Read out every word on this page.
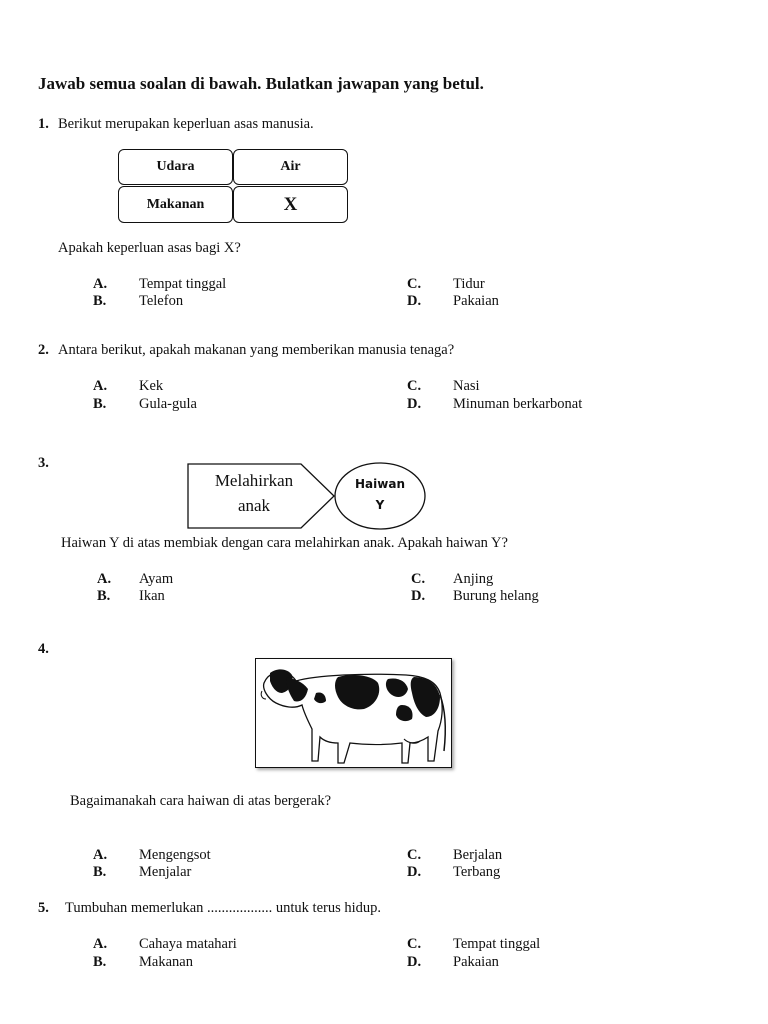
Jawab semua soalan di bawah. Bulatkan jawapan yang betul.
1. Berikut merupakan keperluan asas manusia.
Udara	Air
Makanan	X
Apakah keperluan asas bagi X?
A. Tempat tinggal
B. Telefon
C. Tidur
D. Pakaian
2. Antara berikut, apakah makanan yang memberikan manusia tenaga?
A. Kek
B. Gula-gula
C. Nasi
D. Minuman berkarbonat
3.
Melahirkan
anak
Haiwan
Y
Haiwan Y di atas membiak dengan cara melahirkan anak. Apakah haiwan Y?
A. Ayam
B. Ikan
C. Anjing
D. Burung helang
4.
Bagaimanakah cara haiwan di atas bergerak?
A. Mengengsot
B. Menjalar
C. Berjalan
D. Terbang
5. Tumbuhan memerlukan .................. untuk terus hidup.
A. Cahaya matahari
B. Makanan
C. Tempat tinggal
D. Pakaian
